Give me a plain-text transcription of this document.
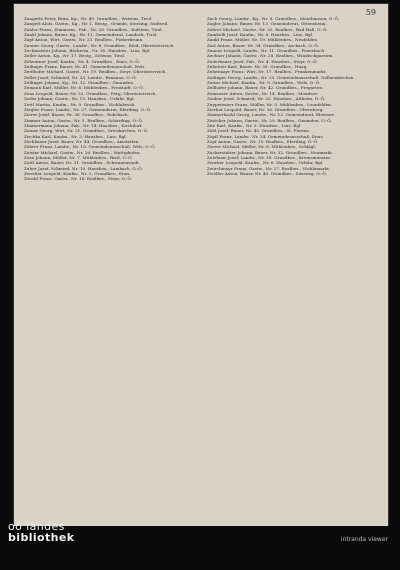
59

Zangerle Peter, Bräu, Kg., Nr. 49. Grundbes., Wattens, Tirol.

Zangerl Alois, Gastw., Kg., Nr. 1. Bestg., Gründe, Sterzing, Südtirol.

Zanler Franz, Zimmerm., Fab., Nr. 26. Grundbes., Kufstein, Tirol.

Zankl Johann, Bauer, Kg., Nr. 11. Gemeinderat, Landeck, Tirol.

Zapf Anton, Wirt, Gastw., Nr. 23. Realbes., Fieberbrunn.

Zauner Georg, Gastw., Landw., Nr. 8. Grundbes., Ried, Oberösterreich.

Zechmeister Johann, Bäckerm., Nr. 30. Hausbes., Linz, Bgl.

Zeller Anton, Kg., Nr. 17. Bestg., Schwaz, Tirol.

Zehentner Josef, Kaufm., Nr. 4. Grundbes., Enns, O.-Ö.

Zeilinger Franz, Bauer, Nr. 41. Gemeindeausschuß, Wels.

Zeitlhofer Michael, Gastw., Nr. 19. Realbes., Steyr, Oberösterreich.

Zeller Josef, Schmied, Nr. 33. Landw., Braunau, O.-Ö.

Zellinger Johann, Kg., Nr. 12. Grundbes., Gmunden.

Zemann Karl, Müller, Nr. 6. Mühlenbes., Freistadt, O.-Ö.

Zenz Leopold, Bauer, Nr. 22. Grundbes., Perg, Oberösterreich.

Zerbs Johann, Gastw., Nr. 15. Hausbes., Urfahr, Bgl.

Zettl Martin, Kaufm., Nr. 9. Grundbes., Vöcklabruck.

Ziegler Franz, Landw., Nr. 27. Gemeinderat, Eferding, O.-Ö.

Zierer Josef, Bauer, Nr. 38. Grundbes., Rohrbach.

Zimmer Anton, Gastw., Nr. 5. Realbes., Schärding, O.-Ö.

Zimmermann Johann, Fab., Nr. 14. Hausbes., Kirchdorf.

Zinner Georg, Wirt, Nr. 21. Grundbes., Grieskirchen, O.-Ö.

Zischka Karl, Kaufm., Nr. 3. Hausbes., Linz, Bgl.

Zöchbauer Josef, Bauer, Nr. 44. Grundbes., Amstetten.

Zöhrer Franz, Landw., Nr. 18. Gemeindeausschuß, Wels, O.-Ö.

Zoister Michael, Gastw., Nr. 26. Realbes., Mattighofen.

Zorn Johann, Müller, Nr. 7. Mühlenbes., Ried, O.-Ö.

Zottl Anton, Bauer, Nr. 31. Grundbes., Schwanenstadt.

Zuber Josef, Schmied, Nr. 10. Hausbes., Lambach, O.-Ö.

Zwettler Leopold, Kaufm., Nr. 2. Grundbes., Enns.

Zwickl Franz, Gastw., Nr. 16. Realbes., Steyr, O.-Ö.

Zach Georg, Landw., Kg., Nr. 8. Grundbes., Mauthausen, O.-Ö.

Zagler Johann, Bauer, Nr. 13. Gemeinderat, Ottensheim.

Zahrer Michael, Gastw., Nr. 25. Realbes., Bad Hall, O.-Ö.

Zambelli Josef, Kaufm., Nr. 6. Hausbes., Linz, Bgl.

Zankl Franz, Müller, Nr. 19. Mühlenbes., Neufelden.

Zarl Anton, Bauer, Nr. 34. Grundbes., Aschach, O.-Ö.

Zauner Leopold, Landw., Nr. 11. Grundbes., Peuerbach.

Zechner Johann, Gastw., Nr. 28. Realbes., Windischgarsten.

Zederbauer Josef, Fab., Nr. 4. Hausbes., Steyr, O.-Ö.

Zehetner Karl, Bauer, Nr. 39. Grundbes., Haag.

Zehetmayr Franz, Wirt, Nr. 17. Realbes., Frankenmarkt.

Zeilinger Georg, Landw., Nr. 23. Gemeindeausschuß, Gallneukirchen.

Zeiser Michael, Kaufm., Nr. 9. Grundbes., Wels, O.-Ö.

Zellhofer Johann, Bauer, Nr. 42. Grundbes., Pregarten.

Zemsauer Anton, Gastw., Nr. 14. Realbes., Mondsee.

Zenker Josef, Schmied, Nr. 20. Hausbes., Altheim, O.-Ö.

Zeppetzauer Franz, Müller, Nr. 5. Mühlenbes., Leonfelden.

Zierhut Leopold, Bauer, Nr. 36. Grundbes., Obernberg.

Zimmerhackl Georg, Landw., Nr. 12. Gemeinderat, Ebensee.

Zinöcker Johann, Gastw., Nr. 29. Realbes., Gmunden, O.-Ö.

Zitz Karl, Kaufm., Nr. 3. Hausbes., Linz, Bgl.

Zöbl Josef, Bauer, Nr. 45. Grundbes., St. Florian.

Zöpfl Franz, Landw., Nr. 24. Gemeindeausschuß, Enns.

Zopf Anton, Gastw., Nr. 15. Realbes., Eferding, O.-Ö.

Zörrer Michael, Müller, Nr. 8. Mühlenbes., Schlägl.

Zuckerstätter Johann, Bauer, Nr. 32. Grundbes., Neumarkt.

Zulehner Josef, Landw., Nr. 18. Grundbes., Kremsmünster.

Zwicker Leopold, Kaufm., Nr. 6. Hausbes., Urfahr, Bgl.

Zwirchmayr Franz, Gastw., Nr. 27. Realbes., Vöcklamarkt.

Zwölfer Anton, Bauer, Nr. 40. Grundbes., Sierning, O.-Ö.

oö landes
bibliothek	intranda viewer
